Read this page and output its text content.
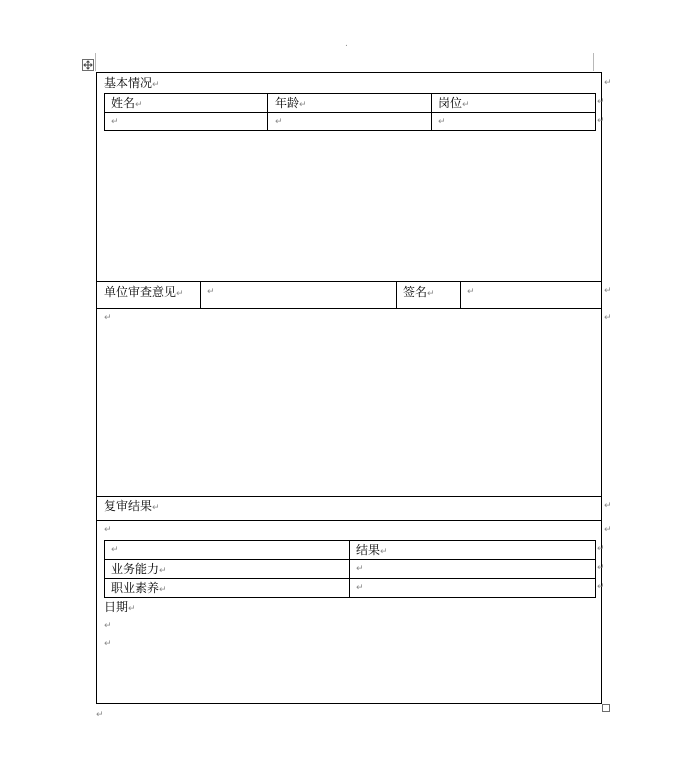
.
基本情况↵
姓名↵	年龄↵	岗位↵
↵	↵	↵
↵
↵
单位审查意见↵	↵	签名↵	↵
↵
复审结果↵
↵
↵	结果↵
业务能力↵	↵
职业素养↵	↵
↵
↵
↵
日期↵
↵
↵
↵
↵
↵
↵
↵
↵
